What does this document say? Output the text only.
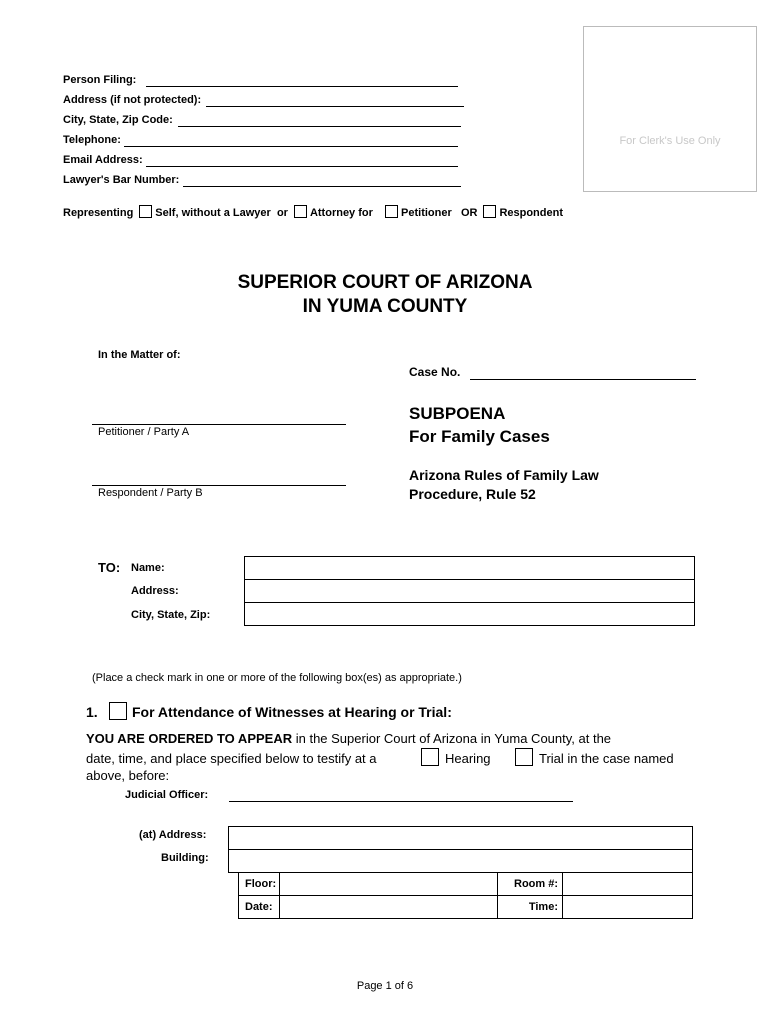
Person Filing:
Address (if not protected):
City, State, Zip Code:
Telephone:
Email Address:
Lawyer's Bar Number:
For Clerk's Use Only
Representing Self, without a Lawyer or Attorney for	Petitioner OR Respondent
SUPERIOR COURT OF ARIZONA
IN YUMA COUNTY
In the Matter of:
Case No.
Petitioner / Party A
Respondent / Party B
SUBPOENA
For Family Cases
Arizona Rules of Family Law
Procedure, Rule 52
TO: Name:
Address:
City, State, Zip:

(Place a check mark in one or more of the following box(es) as appropriate.)
1. For Attendance of Witnesses at Hearing or Trial:
YOU ARE ORDERED TO APPEAR in the Superior Court of Arizona in Yuma County, at the
date, time, and place specified below to testify at a	Hearing	Trial in the case named
above, before:
Judicial Officer:
(at) Address:
Building:

Floor:		Room #:	
Date:		Time:	
Page 1 of 6
